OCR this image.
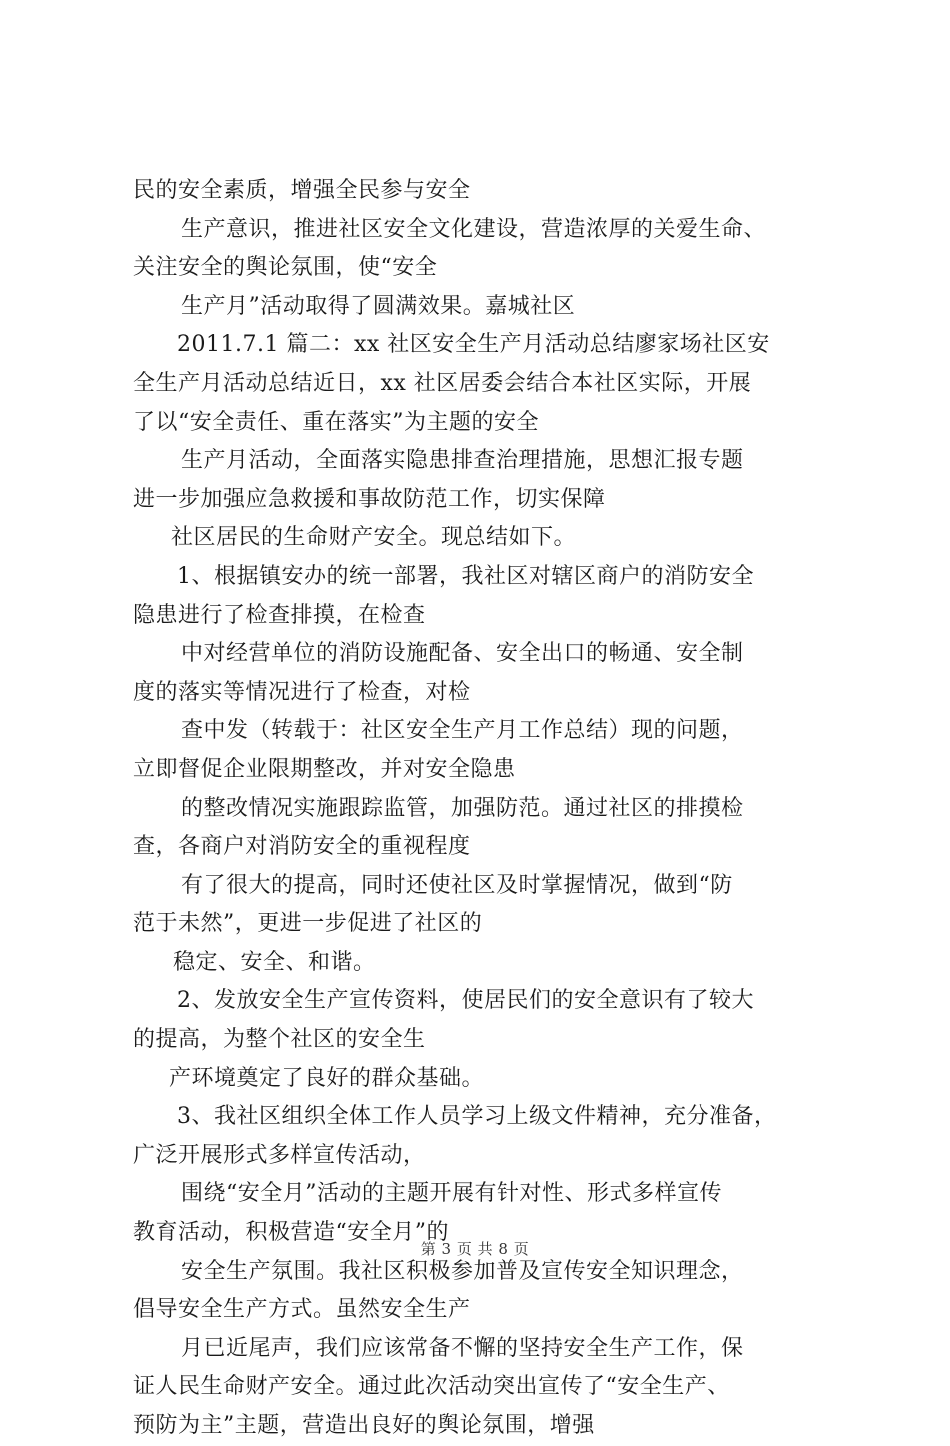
民的安全素质，增强全民参与安全
生产意识，推进社区安全文化建设，营造浓厚的关爱生命、
关注安全的舆论氛围，使“安全
生产月”活动取得了圆满效果。嘉城社区
2011.7.1 篇二：xx 社区安全生产月活动总结廖家场社区安
全生产月活动总结近日，xx 社区居委会结合本社区实际，开展
了以“安全责任、重在落实”为主题的安全
生产月活动，全面落实隐患排查治理措施，思想汇报专题
进一步加强应急救援和事故防范工作，切实保障
社区居民的生命财产安全。现总结如下。
1、根据镇安办的统一部署，我社区对辖区商户的消防安全
隐患进行了检查排摸，在检查
中对经营单位的消防设施配备、安全出口的畅通、安全制
度的落实等情况进行了检查，对检
查中发（转载于：社区安全生产月工作总结）现的问题，
立即督促企业限期整改，并对安全隐患
的整改情况实施跟踪监管，加强防范。通过社区的排摸检
查，各商户对消防安全的重视程度
有了很大的提高，同时还使社区及时掌握情况，做到“防
范于未然”，更进一步促进了社区的
稳定、安全、和谐。
2、发放安全生产宣传资料，使居民们的安全意识有了较大
的提高，为整个社区的安全生
产环境奠定了良好的群众基础。
3、我社区组织全体工作人员学习上级文件精神，充分准备，
广泛开展形式多样宣传活动，
围绕“安全月”活动的主题开展有针对性、形式多样宣传
教育活动，积极营造“安全月”的
安全生产氛围。我社区积极参加普及宣传安全知识理念，
倡导安全生产方式。虽然安全生产
月已近尾声，我们应该常备不懈的坚持安全生产工作，保
证人民生命财产安全。通过此次活动突出宣传了“安全生产、
预防为主”主题，营造出良好的舆论氛围，增强
第 3 页 共 8 页
